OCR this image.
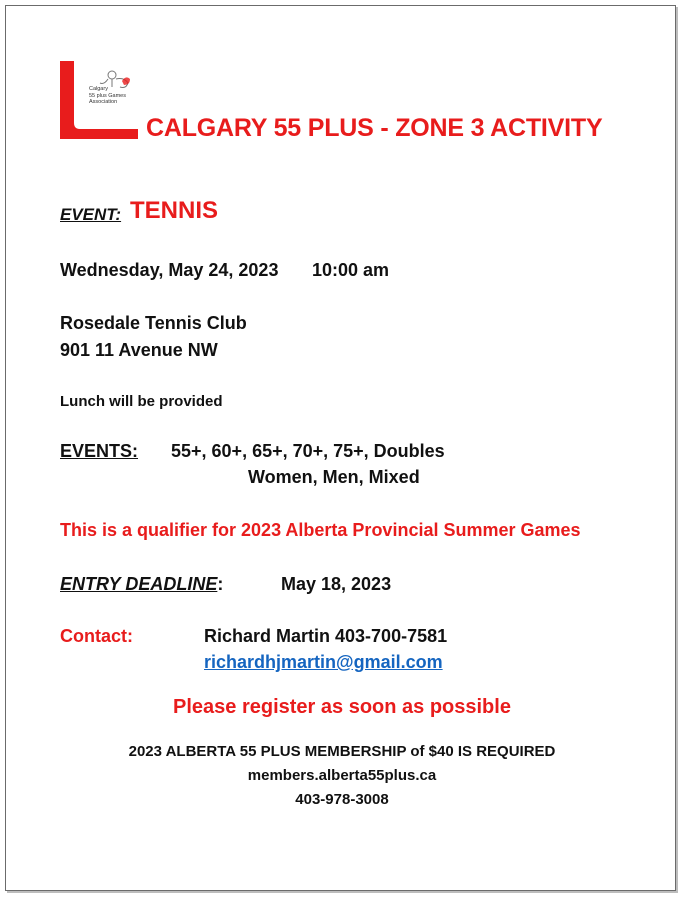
Calgary
55 plus Games
Association
CALGARY 55 PLUS - ZONE 3 ACTIVITY
EVENT: TENNIS
Wednesday, May 24, 2023 10:00 am
Rosedale Tennis Club
901 11 Avenue NW
Lunch will be provided
EVENTS: 55+, 60+, 65+, 70+, 75+, Doubles
Women, Men, Mixed
This is a qualifier for 2023 Alberta Provincial Summer Games
ENTRY DEADLINE:	May 18, 2023
Contact:	Richard Martin 403-700-7581
richardhjmartin@gmail.com
Please register as soon as possible
2023 ALBERTA 55 PLUS MEMBERSHIP of $40 IS REQUIRED
members.alberta55plus.ca
403-978-3008
